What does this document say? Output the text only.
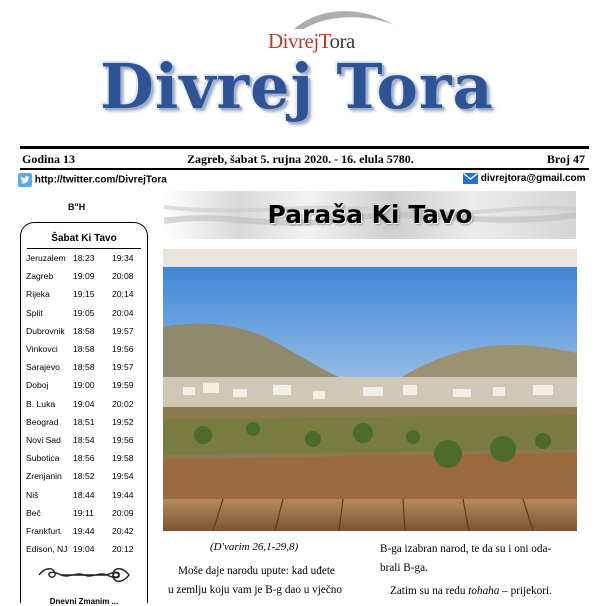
DivrejTora
Divrej Tora
Godina 13	Zagreb, šabat 5. rujna 2020. - 16. elula 5780.	Broj 47
http://twitter.com/DivrejTora	divrejtora@gmail.com
B"H
Šabat Ki Tavo
Jeruzalem 18:23 19:34
Zagreb 19:09 20:08
Rijeka	19:15 20:14
Split	19:05 20:04
Dubrovnik 18:58 19:57
Vinkovci 18:58 19:56
Sarajevo 18:58 19:57
Doboj	19:00 19:59
B. Luka 19:04 20:02
Beograd 18:51 19:52
Novi Sad 18:54 19:56
Subotica 18:56 19:58
Zrenjanin 18:52 19:54
Niš	18:44 19:44
Beč	19:11 20:09
Frankfurt 19:44 20:42
Edison, NJ 19:04 20:12
Dnevni Zmanim ...
Paraša Ki Tavo
(D'varim 26,1-29,8)
Moše daje narodu upute: kad uđete
u zemlju koju vam je B-g dao u vječno
B-ga izabran narod, te da su i oni oda-
brali B-ga.
Zatim su na redu tohaha – prijekori.
